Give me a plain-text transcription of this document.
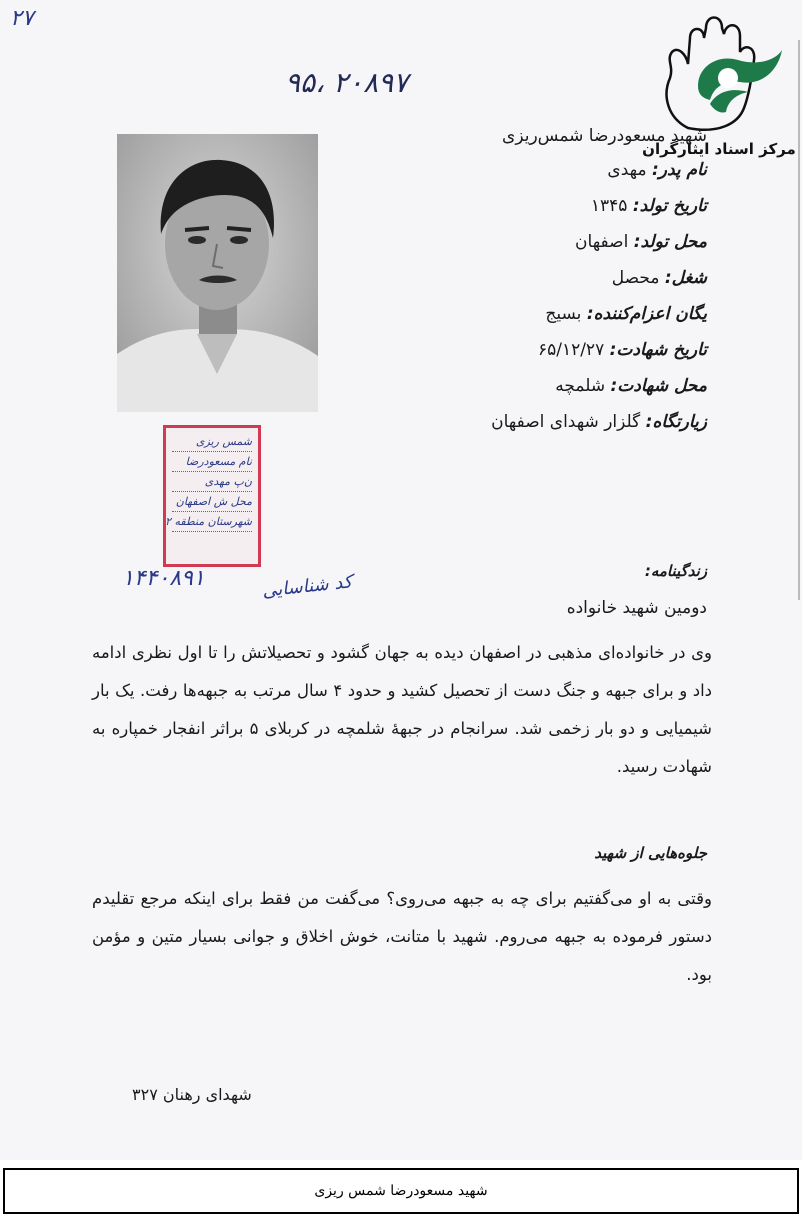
۲۷
۹۵، ۲۰۸۹۷
مرکز اسناد ایثارگران
شمس ریزی
نام مسعودرضا
ن‌پ مهدی
محل ش اصفهان
شهرستان منطقه ۲
۱۴۴۰۸۹۱	کد شناسایی
شهید مسعودرضا شمس‌ریزی
نام پدر: مهدی
تاریخ تولد: ۱۳۴۵
محل تولد: اصفهان
شغل: محصل
یگان اعزام‌کننده: بسیج
تاریخ شهادت: ۶۵/۱۲/۲۷
محل شهادت: شلمچه
زیارتگاه: گلزار شهدای اصفهان
زندگینامه:
دومین شهید خانواده
وی در خانواده‌ای مذهبی در اصفهان دیده به جهان گشود و تحصیلاتش را تا اول نظری ادامه داد و برای جبهه و جنگ دست از تحصیل کشید و حدود ۴ سال مرتب به جبهه‌ها رفت. یک بار شیمیایی و دو بار زخمی شد. سرانجام در جبههٔ شلمچه در کربلای ۵ براثر انفجار خمپاره به شهادت رسید.
جلوه‌هایی از شهید
وقتی به او می‌گفتیم برای چه به جبهه می‌روی؟ می‌گفت من فقط برای اینکه مرجع تقلیدم دستور فرموده به جبهه می‌روم. شهید با متانت، خوش اخلاق و جوانی بسیار متین و مؤمن بود.
شهدای رهنان ۳۲۷
شهید مسعودرضا شمس ریزی
